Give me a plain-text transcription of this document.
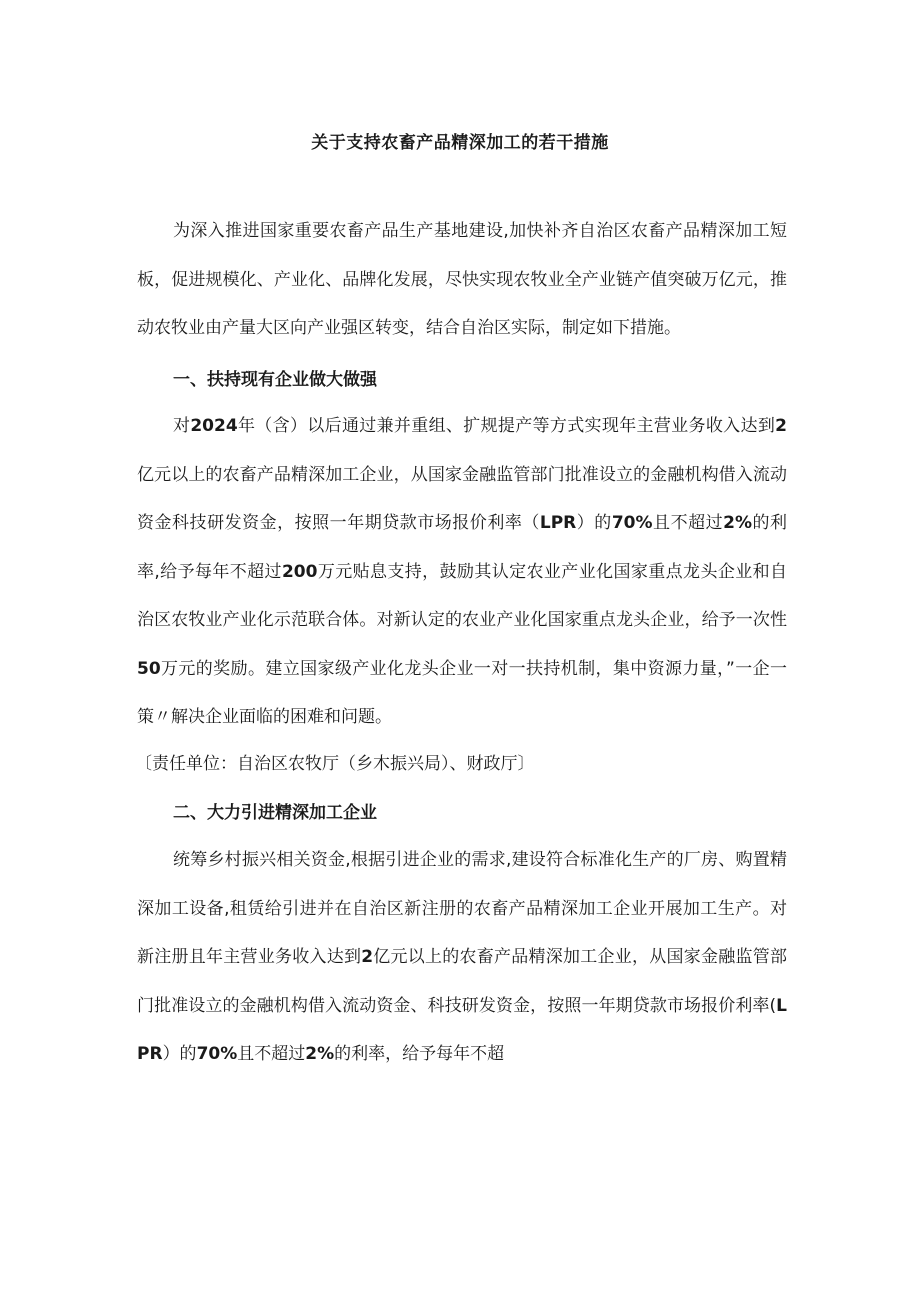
关于支持农畜产品精深加工的若干措施
为深入推进国家重要农畜产品生产基地建设,加快补齐自治区农畜产品精深加工短板，促进规模化、产业化、品牌化发展，尽快实现农牧业全产业链产值突破万亿元，推动农牧业由产量大区向产业强区转变，结合自治区实际，制定如下措施。
一、扶持现有企业做大做强
对2024年（含）以后通过兼并重组、扩规提产等方式实现年主营业务收入达到2亿元以上的农畜产品精深加工企业，从国家金融监管部门批准设立的金融机构借入流动资金科技研发资金，按照一年期贷款市场报价利率（LPR）的70%且不超过2%的利率,给予每年不超过200万元贴息支持，鼓励其认定农业产业化国家重点龙头企业和自治区农牧业产业化示范联合体。对新认定的农业产业化国家重点龙头企业，给予一次性50万元的奖励。建立国家级产业化龙头企业一对一扶持机制，集中资源力量，”一企一策〃解决企业面临的困难和问题。
〔责任单位：自治区农牧厅（乡木振兴局）、财政厅〕
二、大力引进精深加工企业
统筹乡村振兴相关资金,根据引进企业的需求,建设符合标准化生产的厂房、购置精深加工设备,租赁给引进并在自治区新注册的农畜产品精深加工企业开展加工生产。对新注册且年主营业务收入达到2亿元以上的农畜产品精深加工企业，从国家金融监管部门批准设立的金融机构借入流动资金、科技研发资金，按照一年期贷款市场报价利率(LPR）的70%且不超过2%的利率，给予每年不超
